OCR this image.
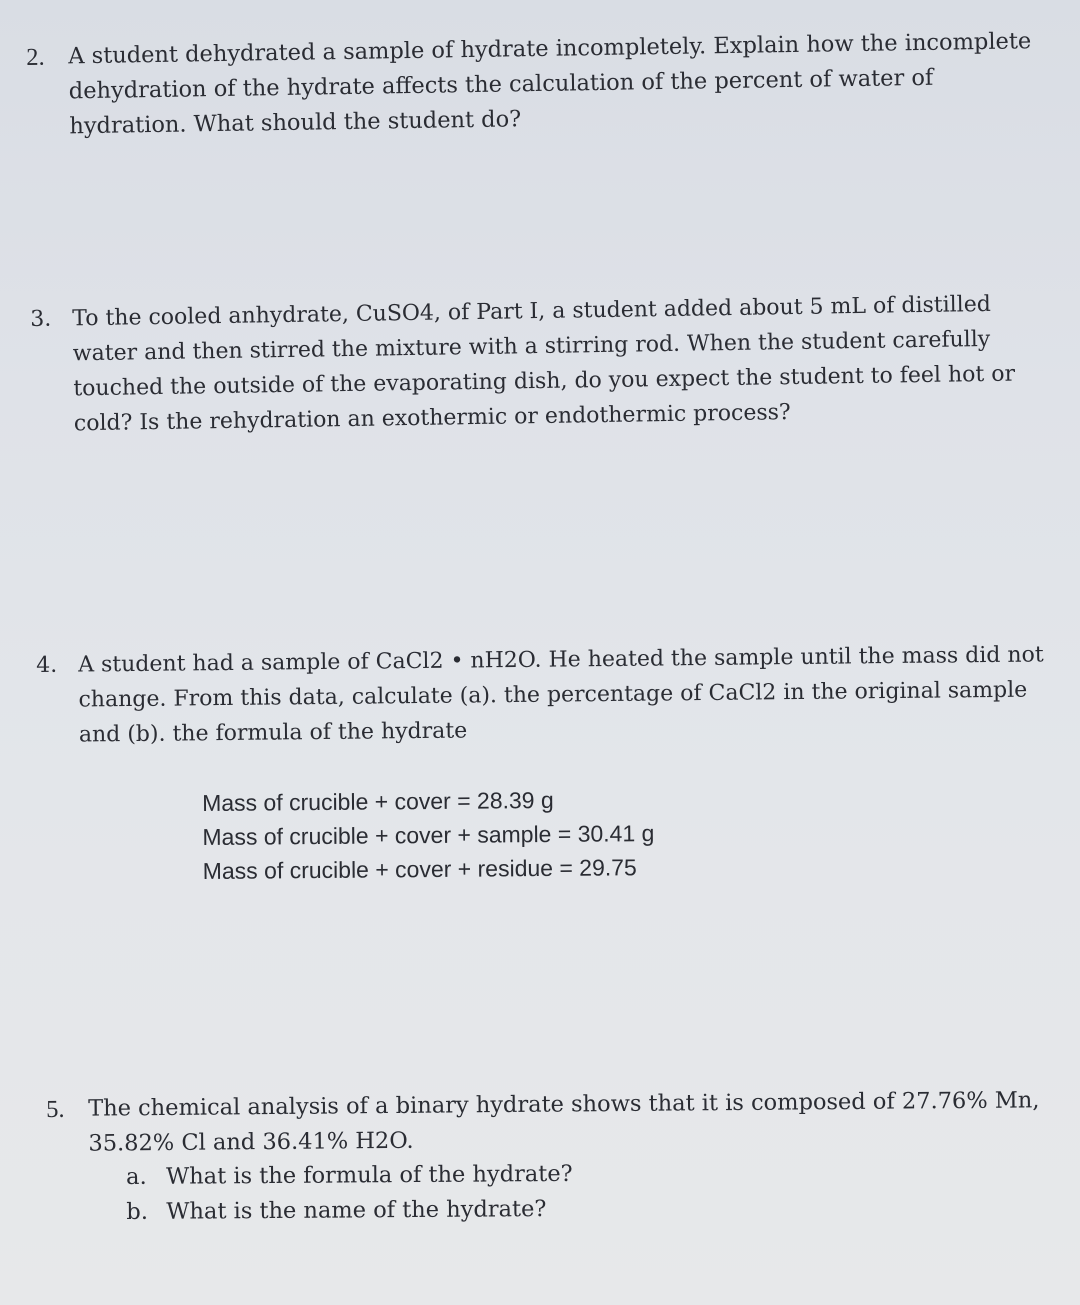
2.	A student dehydrated a sample of hydrate incompletely. Explain how the incomplete dehydration of the hydrate affects the calculation of the percent of water of hydration. What should the student do?
3. To the cooled anhydrate, CuSO4, of Part I, a student added about 5 mL of distilled water and then stirred the mixture with a stirring rod. When the student carefully touched the outside of the evaporating dish, do you expect the student to feel hot or cold? Is the rehydration an exothermic or endothermic process?
4. A student had a sample of CaCl2 • nH2O. He heated the sample until the mass did not change. From this data, calculate (a). the percentage of CaCl2 in the original sample and (b). the formula of the hydrate
Mass of crucible + cover = 28.39 g
Mass of crucible + cover + sample = 30.41 g
Mass of crucible + cover + residue = 29.75
5.	The chemical analysis of a binary hydrate shows that it is composed of 27.76% Mn, 35.82% Cl and 36.41% H2O.
a. What is the formula of the hydrate?
b. What is the name of the hydrate?
